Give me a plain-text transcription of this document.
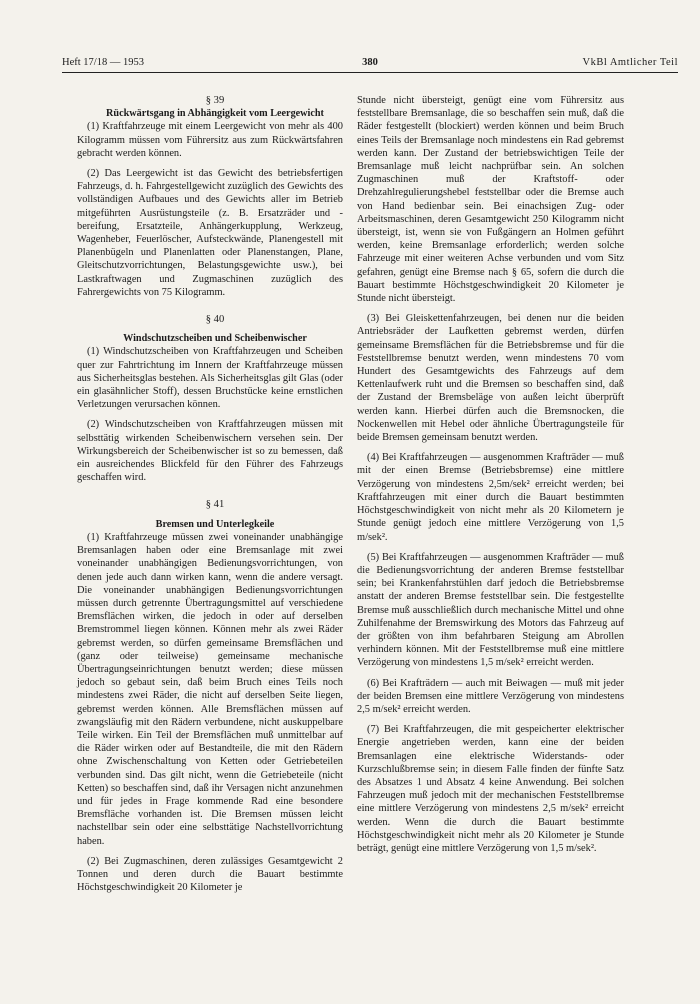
Heft 17/18 — 1953	380	VkBl Amtlicher Teil

§ 39

Rückwärtsgang in Abhängigkeit vom Leergewicht

(1) Kraftfahrzeuge mit einem Leergewicht von mehr als 400 Kilogramm müssen vom Führersitz aus zum Rückwärtsfahren gebracht werden können.

(2) Das Leergewicht ist das Gewicht des betriebsfertigen Fahrzeugs, d. h. Fahrgestellgewicht zuzüglich des Gewichts des vollständigen Aufbaues und des Gewichts aller im Betrieb mitgeführten Ausrüstungsteile (z. B. Ersatzräder und -bereifung, Ersatzteile, Anhängerkupplung, Werkzeug, Wagenheber, Feuerlöscher, Aufsteckwände, Planengestell mit Planenbügeln und Planenlatten oder Planenstangen, Plane, Gleitschutzvorrichtungen, Belastungsgewichte usw.), bei Lastkraftwagen und Zugmaschinen zuzüglich des Fahrergewichts von 75 Kilogramm.

§ 40

Windschutzscheiben und Scheibenwischer

(1) Windschutzscheiben von Kraftfahrzeugen und Scheiben quer zur Fahrtrichtung im Innern der Kraftfahrzeuge müssen aus Sicherheitsglas bestehen. Als Sicherheitsglas gilt Glas (oder ein glasähnlicher Stoff), dessen Bruchstücke keine ernstlichen Verletzungen verursachen können.

(2) Windschutzscheiben von Kraftfahrzeugen müssen mit selbsttätig wirkenden Scheibenwischern versehen sein. Der Wirkungsbereich der Scheibenwischer ist so zu bemessen, daß ein ausreichendes Blickfeld für den Führer des Fahrzeugs geschaffen wird.

§ 41

Bremsen und Unterlegkeile

(1) Kraftfahrzeuge müssen zwei voneinander unabhängige Bremsanlagen haben oder eine Bremsanlage mit zwei voneinander unabhängigen Bedienungsvorrichtungen, von denen jede auch dann wirken kann, wenn die andere versagt. Die voneinander unabhängigen Bedienungsvorrichtungen müssen durch getrennte Übertragungsmittel auf verschiedene Bremsflächen wirken, die jedoch in oder auf derselben Bremstrommel liegen können. Können mehr als zwei Räder gebremst werden, so dürfen gemeinsame Bremsflächen und (ganz oder teilweise) gemeinsame mechanische Übertragungseinrichtungen benutzt werden; diese müssen jedoch so gebaut sein, daß beim Bruch eines Teils noch mindestens zwei Räder, die nicht auf derselben Seite liegen, gebremst werden können. Alle Bremsflächen müssen auf zwangsläufig mit den Rädern verbundene, nicht auskuppelbare Teile wirken. Ein Teil der Bremsflächen muß unmittelbar auf die Räder wirken oder auf Bestandteile, die mit den Rädern ohne Zwischenschaltung von Ketten oder Getriebeteilen verbunden sind. Das gilt nicht, wenn die Getriebeteile (nicht Ketten) so beschaffen sind, daß ihr Versagen nicht anzunehmen und für jedes in Frage kommende Rad eine besondere Bremsfläche vorhanden ist. Die Bremsen müssen leicht nachstellbar sein oder eine selbsttätige Nachstellvorrichtung haben.

(2) Bei Zugmaschinen, deren zulässiges Gesamtgewicht 2 Tonnen und deren durch die Bauart bestimmte Höchstgeschwindigkeit 20 Kilometer je

Stunde nicht übersteigt, genügt eine vom Führersitz aus feststellbare Bremsanlage, die so beschaffen sein muß, daß die Räder festgestellt (blockiert) werden können und beim Bruch eines Teils der Bremsanlage noch mindestens ein Rad gebremst werden kann. Der Zustand der betriebswichtigen Teile der Bremsanlage muß leicht nachprüfbar sein. An solchen Zugmaschinen muß der Kraftstoff- oder Drehzahlregulierungshebel feststellbar oder die Bremse auch von Hand bedienbar sein. Bei einachsigen Zug- oder Arbeitsmaschinen, deren Gesamtgewicht 250 Kilogramm nicht übersteigt, ist, wenn sie von Fußgängern an Holmen geführt werden, keine Bremsanlage erforderlich; werden solche Fahrzeuge mit einer weiteren Achse verbunden und vom Sitz gefahren, genügt eine Bremse nach § 65, sofern die durch die Bauart bestimmte Höchstgeschwindigkeit 20 Kilometer je Stunde nicht übersteigt.

(3) Bei Gleiskettenfahrzeugen, bei denen nur die beiden Antriebsräder der Laufketten gebremst werden, dürfen gemeinsame Bremsflächen für die Betriebsbremse und für die Feststellbremse benutzt werden, wenn mindestens 70 vom Hundert des Gesamtgewichts des Fahrzeugs auf dem Kettenlaufwerk ruht und die Bremsen so beschaffen sind, daß der Zustand der Bremsbeläge von außen leicht überprüft werden kann. Hierbei dürfen auch die Bremsnocken, die Nockenwellen mit Hebel oder ähnliche Übertragungsteile für beide Bremsen gemeinsam benutzt werden.

(4) Bei Kraftfahrzeugen — ausgenommen Krafträder — muß mit der einen Bremse (Betriebsbremse) eine mittlere Verzögerung von mindestens 2,5m/sek² erreicht werden; bei Kraftfahrzeugen mit einer durch die Bauart bestimmten Höchstgeschwindigkeit von nicht mehr als 20 Kilometern je Stunde genügt jedoch eine mittlere Verzögerung von 1,5 m/sek².

(5) Bei Kraftfahrzeugen — ausgenommen Krafträder — muß die Bedienungsvorrichtung der anderen Bremse feststellbar sein; bei Krankenfahrstühlen darf jedoch die Betriebsbremse anstatt der anderen Bremse feststellbar sein. Die festgestellte Bremse muß ausschließlich durch mechanische Mittel und ohne Zuhilfenahme der Bremswirkung des Motors das Fahrzeug auf der größten von ihm befahrbaren Steigung am Abrollen verhindern können. Mit der Feststellbremse muß eine mittlere Verzögerung von mindestens 1,5 m/sek² erreicht werden.

(6) Bei Krafträdern — auch mit Beiwagen — muß mit jeder der beiden Bremsen eine mittlere Verzögerung von mindestens 2,5 m/sek² erreicht werden.

(7) Bei Kraftfahrzeugen, die mit gespeicherter elektrischer Energie angetrieben werden, kann eine der beiden Bremsanlagen eine elektrische Widerstands- oder Kurzschlußbremse sein; in diesem Falle finden der fünfte Satz des Absatzes 1 und Absatz 4 keine Anwendung. Bei solchen Fahrzeugen muß jedoch mit der mechanischen Feststellbremse eine mittlere Verzögerung von mindestens 2,5 m/sek² erreicht werden. Wenn die durch die Bauart bestimmte Höchstgeschwindigkeit nicht mehr als 20 Kilometer je Stunde beträgt, genügt eine mittlere Verzögerung von 1,5 m/sek².
